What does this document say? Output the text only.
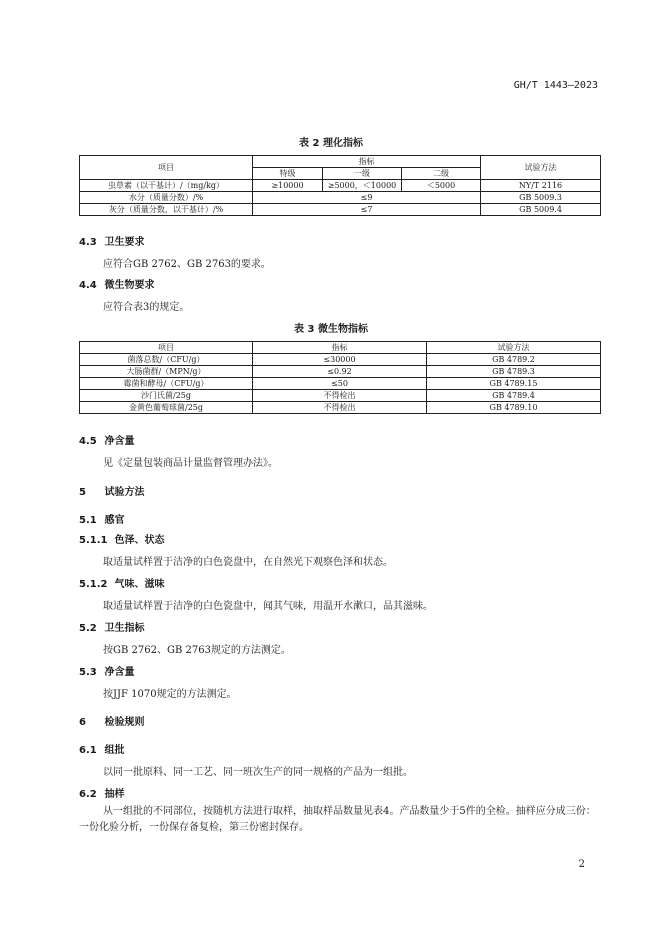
GH/T 1443—2023
表 2 理化指标
项目	指标			试验方法
	特级	一级	二级	
虫草素（以干基计）/（mg/kg）	≥10000	≥5000，＜10000	＜5000	NY/T 2116
水分（质量分数）/%	≤9			GB 5009.3
灰分（质量分数，以干基计）/%	≤7			GB 5009.4
4.3 卫生要求
应符合GB 2762、GB 2763的要求。
4.4 微生物要求
应符合表3的规定。
表 3 微生物指标
项目	指标	试验方法
菌落总数/（CFU/g）	≤30000	GB 4789.2
大肠菌群/（MPN/g）	≤0.92	GB 4789.3
霉菌和酵母/（CFU/g）	≤50	GB 4789.15
沙门氏菌/25g	不得检出	GB 4789.4
金黄色葡萄球菌/25g	不得检出	GB 4789.10
4.5 净含量
见《定量包装商品计量监督管理办法》。
5 试验方法
5.1 感官
5.1.1 色泽、状态
取适量试样置于洁净的白色瓷盘中，在自然光下观察色泽和状态。
5.1.2 气味、滋味
取适量试样置于洁净的白色瓷盘中，闻其气味，用温开水漱口，品其滋味。
5.2 卫生指标
按GB 2762、GB 2763规定的方法测定。
5.3 净含量
按JJF 1070规定的方法测定。
6 检验规则
6.1 组批
以同一批原料、同一工艺、同一班次生产的同一规格的产品为一组批。
6.2 抽样
从一组批的不同部位，按随机方法进行取样，抽取样品数量见表4。产品数量少于5件的全检。抽样应分成三份：一份化验分析，一份保存备复检，第三份密封保存。
2
